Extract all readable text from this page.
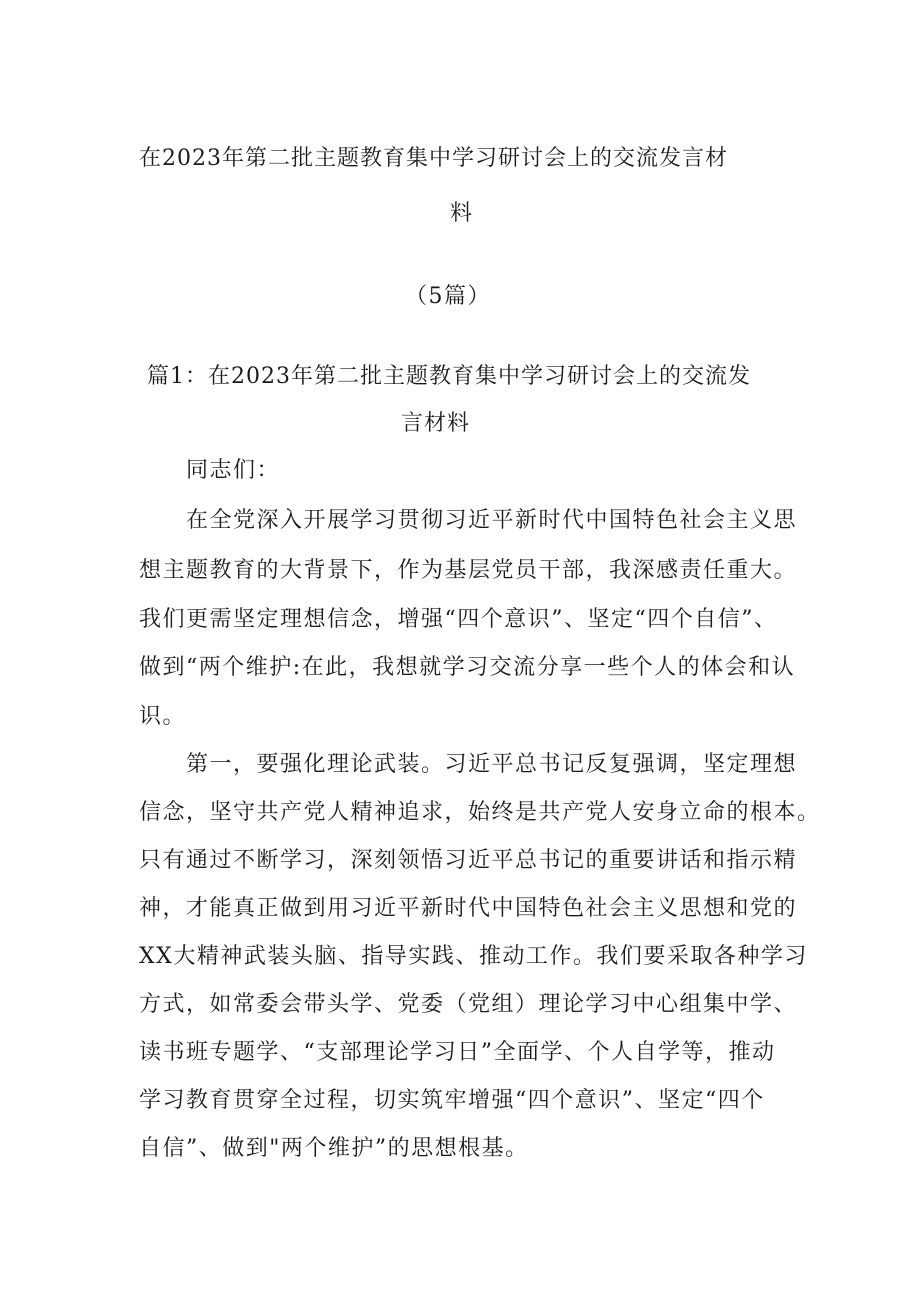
在2023年第二批主题教育集中学习研讨会上的交流发言材
料
（5篇）
篇1：在2023年第二批主题教育集中学习研讨会上的交流发
言材料
同志们：
在全党深入开展学习贯彻习近平新时代中国特色社会主义思
想主题教育的大背景下，作为基层党员干部，我深感责任重大。
我们更需坚定理想信念，增强“四个意识”、坚定“四个自信”、
做到“两个维护:在此，我想就学习交流分享一些个人的体会和认
识。
第一，要强化理论武装。习近平总书记反复强调，坚定理想
信念，坚守共产党人精神追求，始终是共产党人安身立命的根本。
只有通过不断学习，深刻领悟习近平总书记的重要讲话和指示精
神，才能真正做到用习近平新时代中国特色社会主义思想和党的
XX大精神武装头脑、指导实践、推动工作。我们要采取各种学习
方式，如常委会带头学、党委（党组）理论学习中心组集中学、
读书班专题学、“支部理论学习日”全面学、个人自学等，推动
学习教育贯穿全过程，切实筑牢增强“四个意识”、坚定“四个
自信”、做到"两个维护”的思想根基。
